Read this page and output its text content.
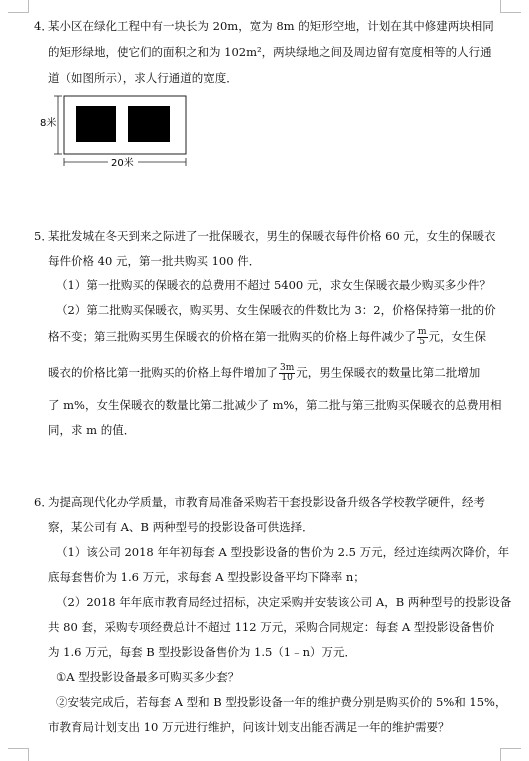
4．
某小区在绿化工程中有一块长为 20m，宽为 8m 的矩形空地，计划在其中修建两块相同
的矩形绿地，使它们的面积之和为 102m²，两块绿地之间及周边留有宽度相等的人行通
道（如图所示），求人行通道的宽度．
8米
20米
5．
某批发城在冬天到来之际进了一批保暖衣，男生的保暖衣每件价格 60 元，女生的保暖衣
每件价格 40 元，第一批共购买 100 件．
（1）第一批购买的保暖衣的总费用不超过 5400 元，求女生保暖衣最少购买多少件？
（2）第二批购买保暖衣，购买男、女生保暖衣的件数比为 3：2，价格保持第一批的价
格不变；第三批购买男生保暖衣的价格在第一批购买的价格上每件减少了 $\frac{m}{5}$ 元，女生保
暖衣的价格比第一批购买的价格上每件增加了 $\frac{3m}{10}$ 元，男生保暖衣的数量比第二批增加
了 m%，女生保暖衣的数量比第二批减少了 m%，第二批与第三批购买保暖衣的总费用相
同，求 m 的值．
6．
为提高现代化办学质量，市教育局准备采购若干套投影设备升级各学校教学硬件，经考
察，某公司有 A、B 两种型号的投影设备可供选择．
（1）该公司 2018 年年初每套 A 型投影设备的售价为 2.5 万元，经过连续两次降价，年
底每套售价为 1.6 万元，求每套 A 型投影设备平均下降率 n；
（2）2018 年年底市教育局经过招标，决定采购并安装该公司 A，B 两种型号的投影设备
共 80 套，采购专项经费总计不超过 112 万元，采购合同规定：每套 A 型投影设备售价
为 1.6 万元，每套 B 型投影设备售价为 1.5（1﹣n）万元．
①A 型投影设备最多可购买多少套？
②安装完成后，若每套 A 型和 B 型投影设备一年的维护费分别是购买价的 5%和 15%，
市教育局计划支出 10 万元进行维护，问该计划支出能否满足一年的维护需要？
